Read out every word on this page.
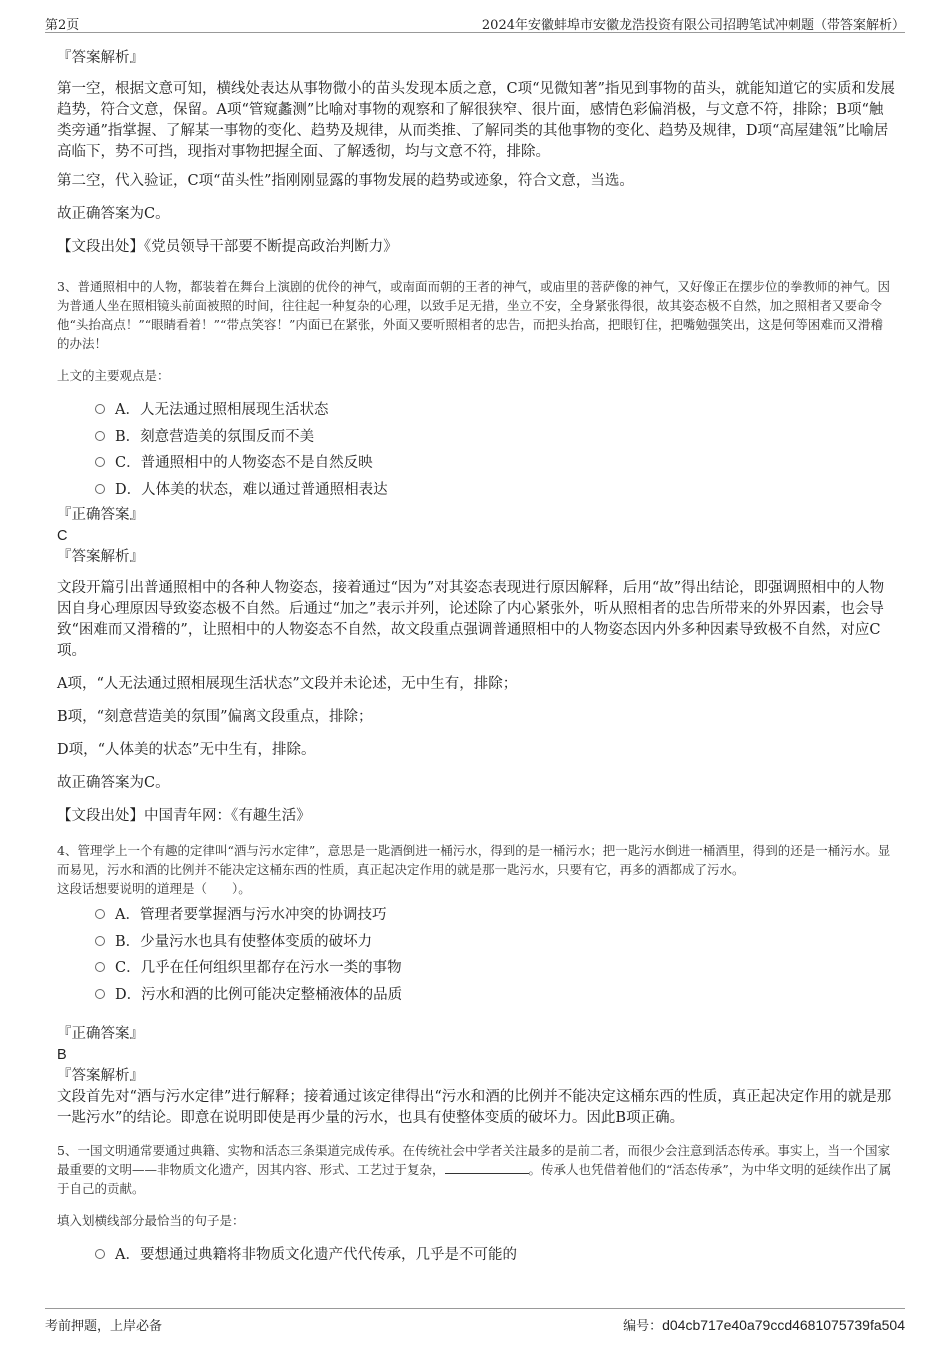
第2页	2024年安徽蚌埠市安徽龙浩投资有限公司招聘笔试冲刺题（带答案解析）

『答案解析』

第一空，根据文意可知，横线处表达从事物微小的苗头发现本质之意，C项“见微知著”指见到事物的苗头，就能知道它的实质和发展趋势，符合文意，保留。A项“管窥蠡测”比喻对事物的观察和了解很狭窄、很片面，感情色彩偏消极，与文意不符，排除；B项“触类旁通”指掌握、了解某一事物的变化、趋势及规律，从而类推、了解同类的其他事物的变化、趋势及规律，D项“高屋建瓴”比喻居高临下，势不可挡，现指对事物把握全面、了解透彻，均与文意不符，排除。

第二空，代入验证，C项“苗头性”指刚刚显露的事物发展的趋势或迹象，符合文意，当选。

故正确答案为C。

【文段出处】《党员领导干部要不断提高政治判断力》

3、普通照相中的人物，都装着在舞台上演剧的优伶的神气，或南面而朝的王者的神气，或庙里的菩萨像的神气，又好像正在摆步位的拳教师的神气。因为普通人坐在照相镜头前面被照的时间，往往起一种复杂的心理，以致手足无措，坐立不安，全身紧张得很，故其姿态极不自然，加之照相者又要命令他“头抬高点！”“眼睛看着！”“带点笑容！”内面已在紧张，外面又要听照相者的忠告，而把头抬高，把眼钉住，把嘴勉强笑出，这是何等困难而又滑稽的办法！

上文的主要观点是：

A．人无法通过照相展现生活状态
B．刻意营造美的氛围反而不美
C．普通照相中的人物姿态不是自然反映
D．人体美的状态，难以通过普通照相表达

『正确答案』

C

『答案解析』

文段开篇引出普通照相中的各种人物姿态，接着通过“因为”对其姿态表现进行原因解释，后用“故”得出结论，即强调照相中的人物因自身心理原因导致姿态极不自然。后通过“加之”表示并列，论述除了内心紧张外，听从照相者的忠告所带来的外界因素，也会导致“困难而又滑稽的”，让照相中的人物姿态不自然，故文段重点强调普通照相中的人物姿态因内外多种因素导致极不自然，对应C项。

A项，“人无法通过照相展现生活状态”文段并未论述，无中生有，排除；

B项，“刻意营造美的氛围”偏离文段重点，排除；

D项，“人体美的状态”无中生有，排除。

故正确答案为C。

【文段出处】中国青年网：《有趣生活》

4、管理学上一个有趣的定律叫“酒与污水定律”，意思是一匙酒倒进一桶污水，得到的是一桶污水；把一匙污水倒进一桶酒里，得到的还是一桶污水。显而易见，污水和酒的比例并不能决定这桶东西的性质，真正起决定作用的就是那一匙污水，只要有它，再多的酒都成了污水。

这段话想要说明的道理是（　　）。

A．管理者要掌握酒与污水冲突的协调技巧
B．少量污水也具有使整体变质的破坏力
C．几乎在任何组织里都存在污水一类的事物
D．污水和酒的比例可能决定整桶液体的品质

『正确答案』

B

『答案解析』

文段首先对“酒与污水定律”进行解释；接着通过该定律得出“污水和酒的比例并不能决定这桶东西的性质，真正起决定作用的就是那一匙污水”的结论。即意在说明即使是再少量的污水，也具有使整体变质的破坏力。因此B项正确。

5、一国文明通常要通过典籍、实物和活态三条渠道完成传承。在传统社会中学者关注最多的是前二者，而很少会注意到活态传承。事实上，当一个国家最重要的文明——非物质文化遗产，因其内容、形式、工艺过于复杂，	。传承人也凭借着他们的“活态传承”，为中华文明的延续作出了属于自己的贡献。

填入划横线部分最恰当的句子是：

A．要想通过典籍将非物质文化遗产代代传承，几乎是不可能的
考前押题，上岸必备	编号：d04cb717e40a79ccd4681075739fa504
